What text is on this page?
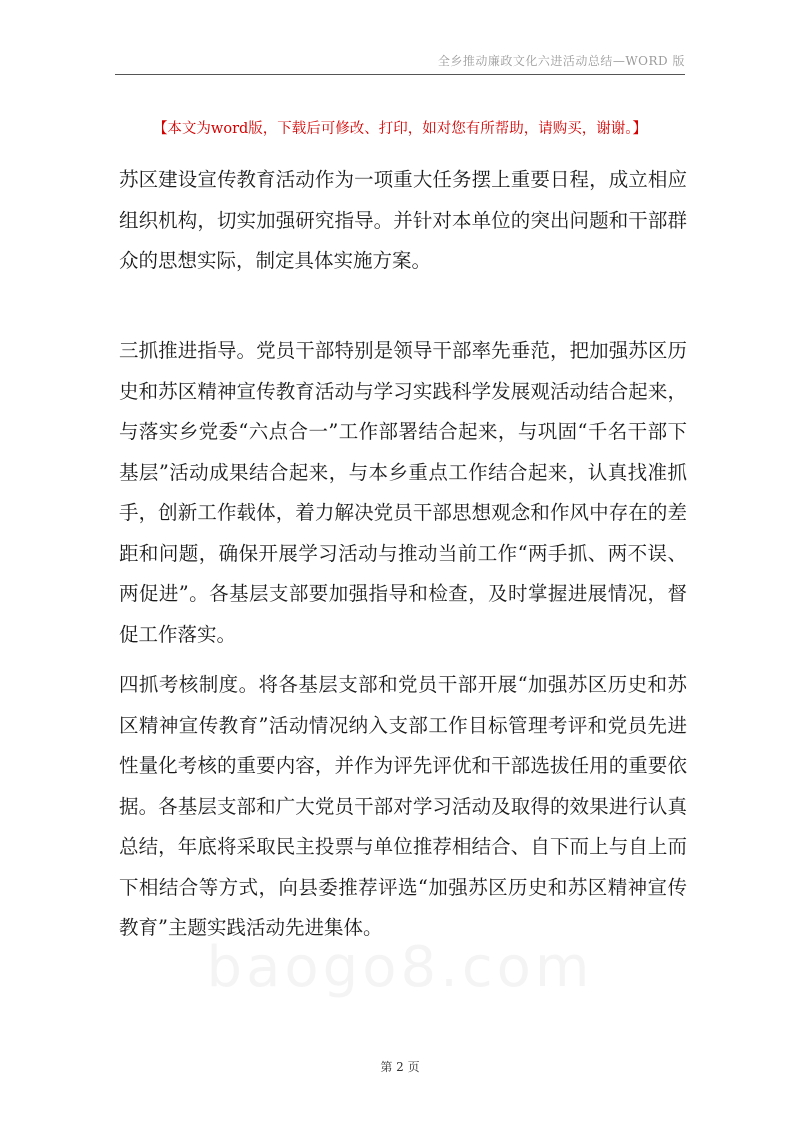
全乡推动廉政文化六进活动总结—WORD 版
【本文为word版，下载后可修改、打印，如对您有所帮助，请购买，谢谢。】

苏区建设宣传教育活动作为一项重大任务摆上重要日程，成立相应组织机构，切实加强研究指导。并针对本单位的突出问题和干部群众的思想实际，制定具体实施方案。

三抓推进指导。党员干部特别是领导干部率先垂范，把加强苏区历史和苏区精神宣传教育活动与学习实践科学发展观活动结合起来，与落实乡党委“六点合一”工作部署结合起来，与巩固“千名干部下基层”活动成果结合起来，与本乡重点工作结合起来，认真找准抓手，创新工作载体，着力解决党员干部思想观念和作风中存在的差距和问题，确保开展学习活动与推动当前工作“两手抓、两不误、两促进”。各基层支部要加强指导和检查，及时掌握进展情况，督促工作落实。

四抓考核制度。将各基层支部和党员干部开展“加强苏区历史和苏区精神宣传教育”活动情况纳入支部工作目标管理考评和党员先进性量化考核的重要内容，并作为评先评优和干部选拔任用的重要依据。各基层支部和广大党员干部对学习活动及取得的效果进行认真总结，年底将采取民主投票与单位推荐相结合、自下而上与自上而下相结合等方式，向县委推荐评选“加强苏区历史和苏区精神宣传教育”主题实践活动先进集体。

第 2 页
